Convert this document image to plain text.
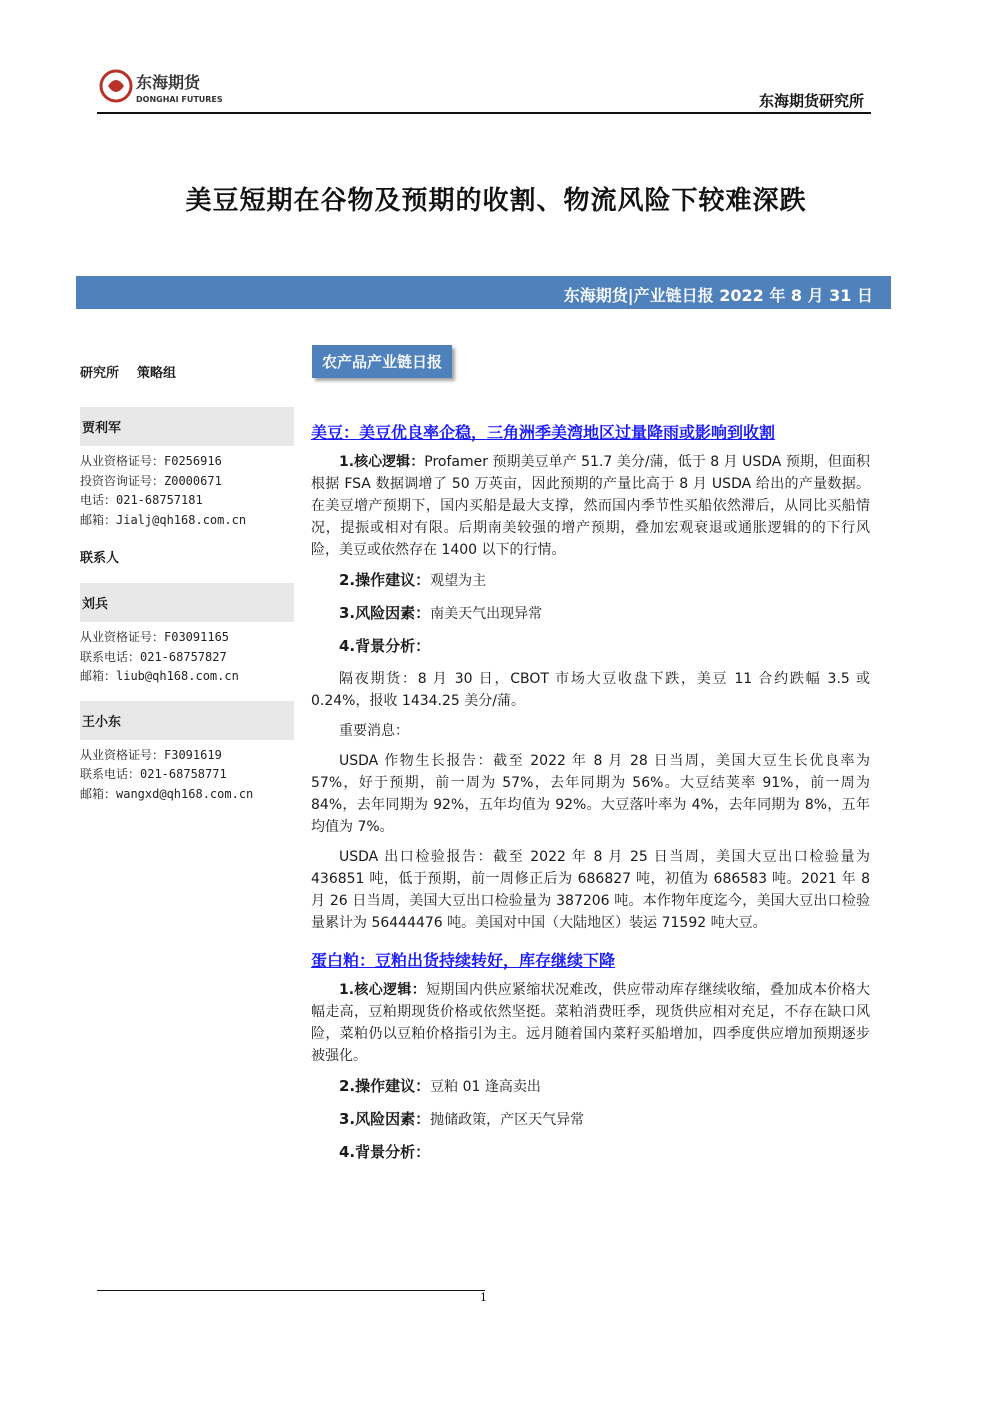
东海期货
DONGHAI FUTURES	东海期货研究所
美豆短期在谷物及预期的收割、物流风险下较难深跌
东海期货|产业链日报 2022 年 8 月 31 日
研究所 策略组
贾利军
从业资格证号：F0256916
投资咨询证号：Z0000671
电话：021-68757181
邮箱：Jialj@qh168.com.cn
联系人
刘兵
从业资格证号：F03091165
联系电话：021-68757827
邮箱：liub@qh168.com.cn
王小东
从业资格证号：F3091619
联系电话：021-68758771
邮箱：wangxd@qh168.com.cn
农产品产业链日报
美豆：美豆优良率企稳，三角洲季美湾地区过量降雨或影响到收割

1.核心逻辑：Profamer 预期美豆单产 51.7 美分/蒲，低于 8 月 USDA 预期，但面积根据 FSA 数据调增了 50 万英亩，因此预期的产量比高于 8 月 USDA 给出的产量数据。在美豆增产预期下，国内买船是最大支撑，然而国内季节性买船依然滞后，从同比买船情况，提振或相对有限。后期南美较强的增产预期，叠加宏观衰退或通胀逻辑的的下行风险，美豆或依然存在 1400 以下的行情。

2.操作建议：观望为主

3.风险因素：南美天气出现异常

4.背景分析：

隔夜期货：8 月 30 日，CBOT 市场大豆收盘下跌，美豆 11 合约跌幅 3.5 或 0.24%，报收 1434.25 美分/蒲。

重要消息：

USDA 作物生长报告：截至 2022 年 8 月 28 日当周，美国大豆生长优良率为 57%，好于预期，前一周为 57%，去年同期为 56%。大豆结荚率 91%，前一周为 84%，去年同期为 92%，五年均值为 92%。大豆落叶率为 4%，去年同期为 8%，五年均值为 7%。

USDA 出口检验报告：截至 2022 年 8 月 25 日当周，美国大豆出口检验量为 436851 吨，低于预期，前一周修正后为 686827 吨，初值为 686583 吨。2021 年 8 月 26 日当周，美国大豆出口检验量为 387206 吨。本作物年度迄今，美国大豆出口检验量累计为 56444476 吨。美国对中国（大陆地区）装运 71592 吨大豆。

蛋白粕：豆粕出货持续转好，库存继续下降

1.核心逻辑：短期国内供应紧缩状况难改，供应带动库存继续收缩，叠加成本价格大幅走高，豆粕期现货价格或依然坚挺。菜粕消费旺季，现货供应相对充足，不存在缺口风险，菜粕仍以豆粕价格指引为主。远月随着国内菜籽买船增加，四季度供应增加预期逐步被强化。

2.操作建议：豆粕 01 逢高卖出

3.风险因素：抛储政策，产区天气异常

4.背景分析：

1
